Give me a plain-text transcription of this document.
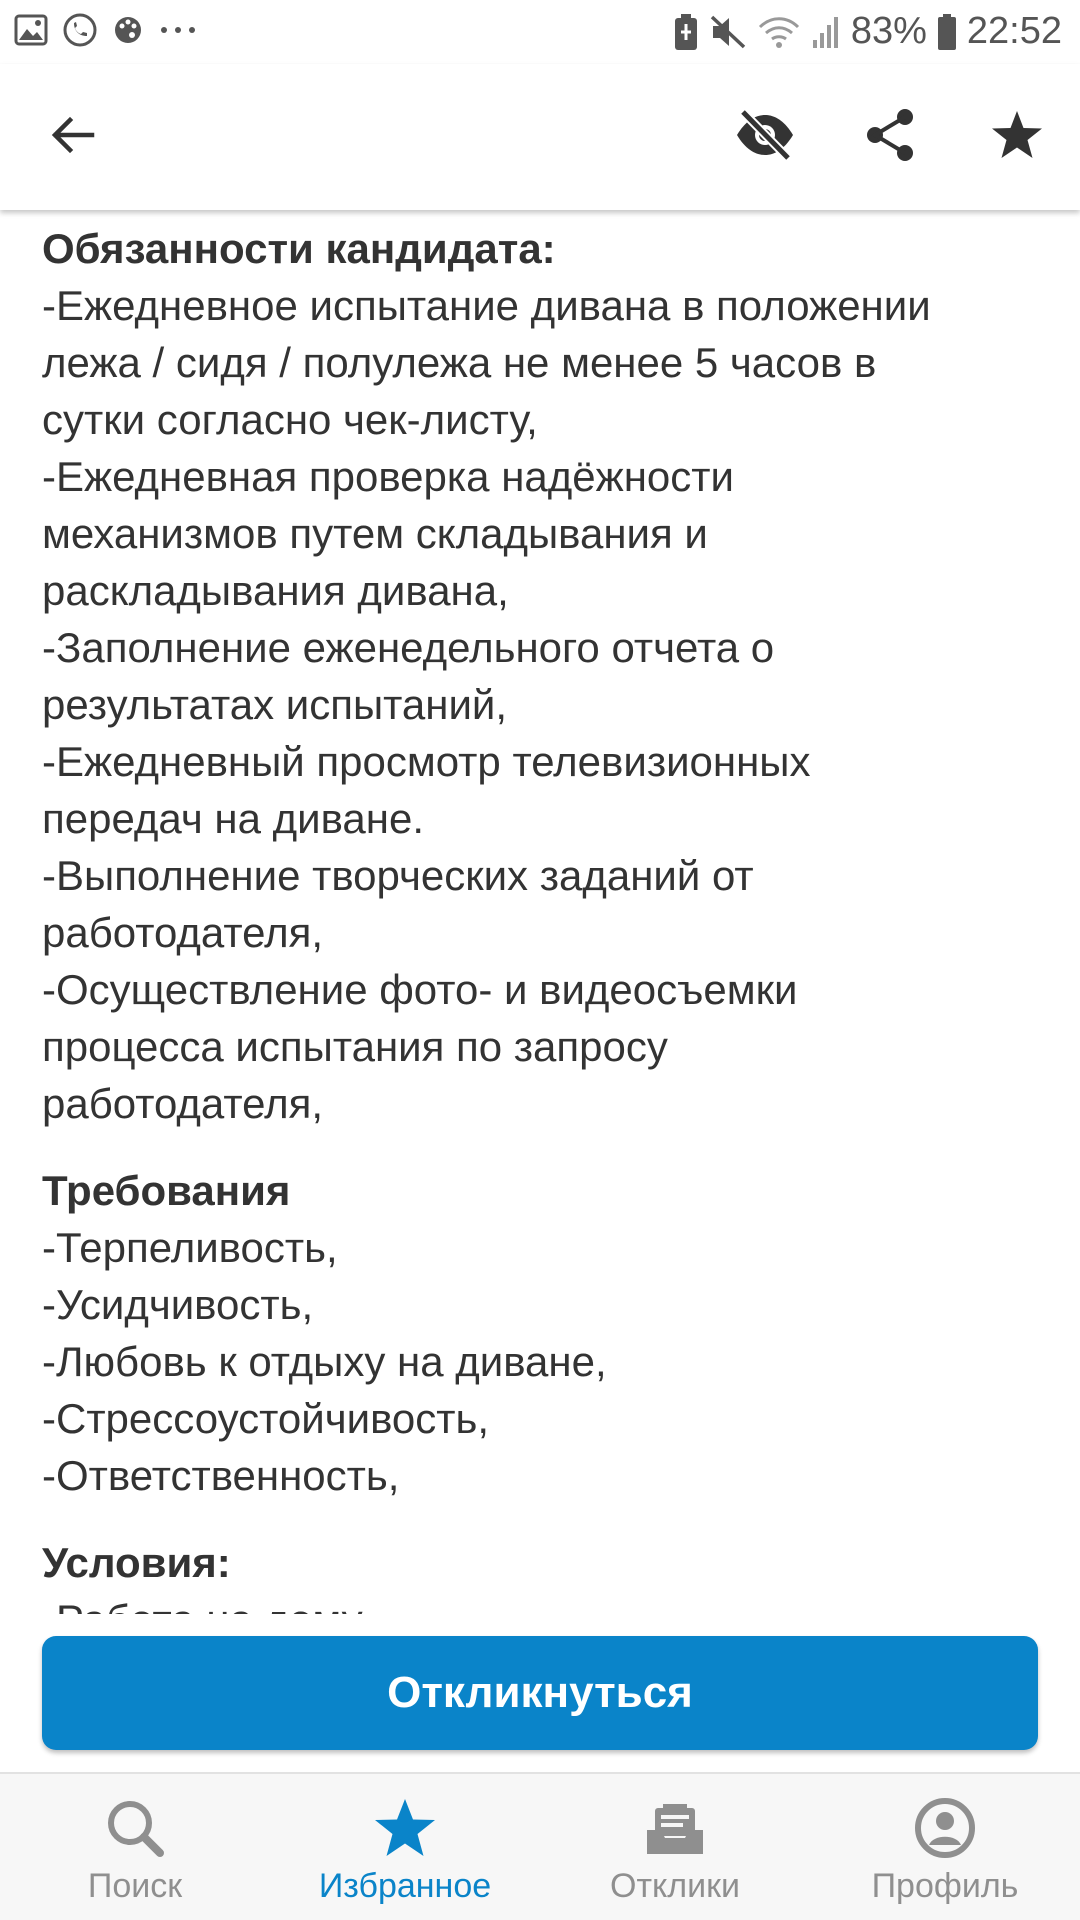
83% 22:52
Обязанности кандидата:
-Ежедневное испытание дивана в положении
лежа / сидя / полулежа не менее 5 часов в
сутки согласно чек-листу,
-Ежедневная проверка надёжности
механизмов путем складывания и
раскладывания дивана,
-Заполнение еженедельного отчета о
результатах испытаний,
-Ежедневный просмотр телевизионных
передач на диване.
-Выполнение творческих заданий от
работодателя,
-Осуществление фото- и видеосъемки
процесса испытания по запросу
работодателя,
Требования
-Терпеливость,
-Усидчивость,
-Любовь к отдыху на диване,
-Стрессоустойчивость,
-Ответственность,
Условия:
Откликнуться
Поиск	Избранное	Отклики	Профиль
